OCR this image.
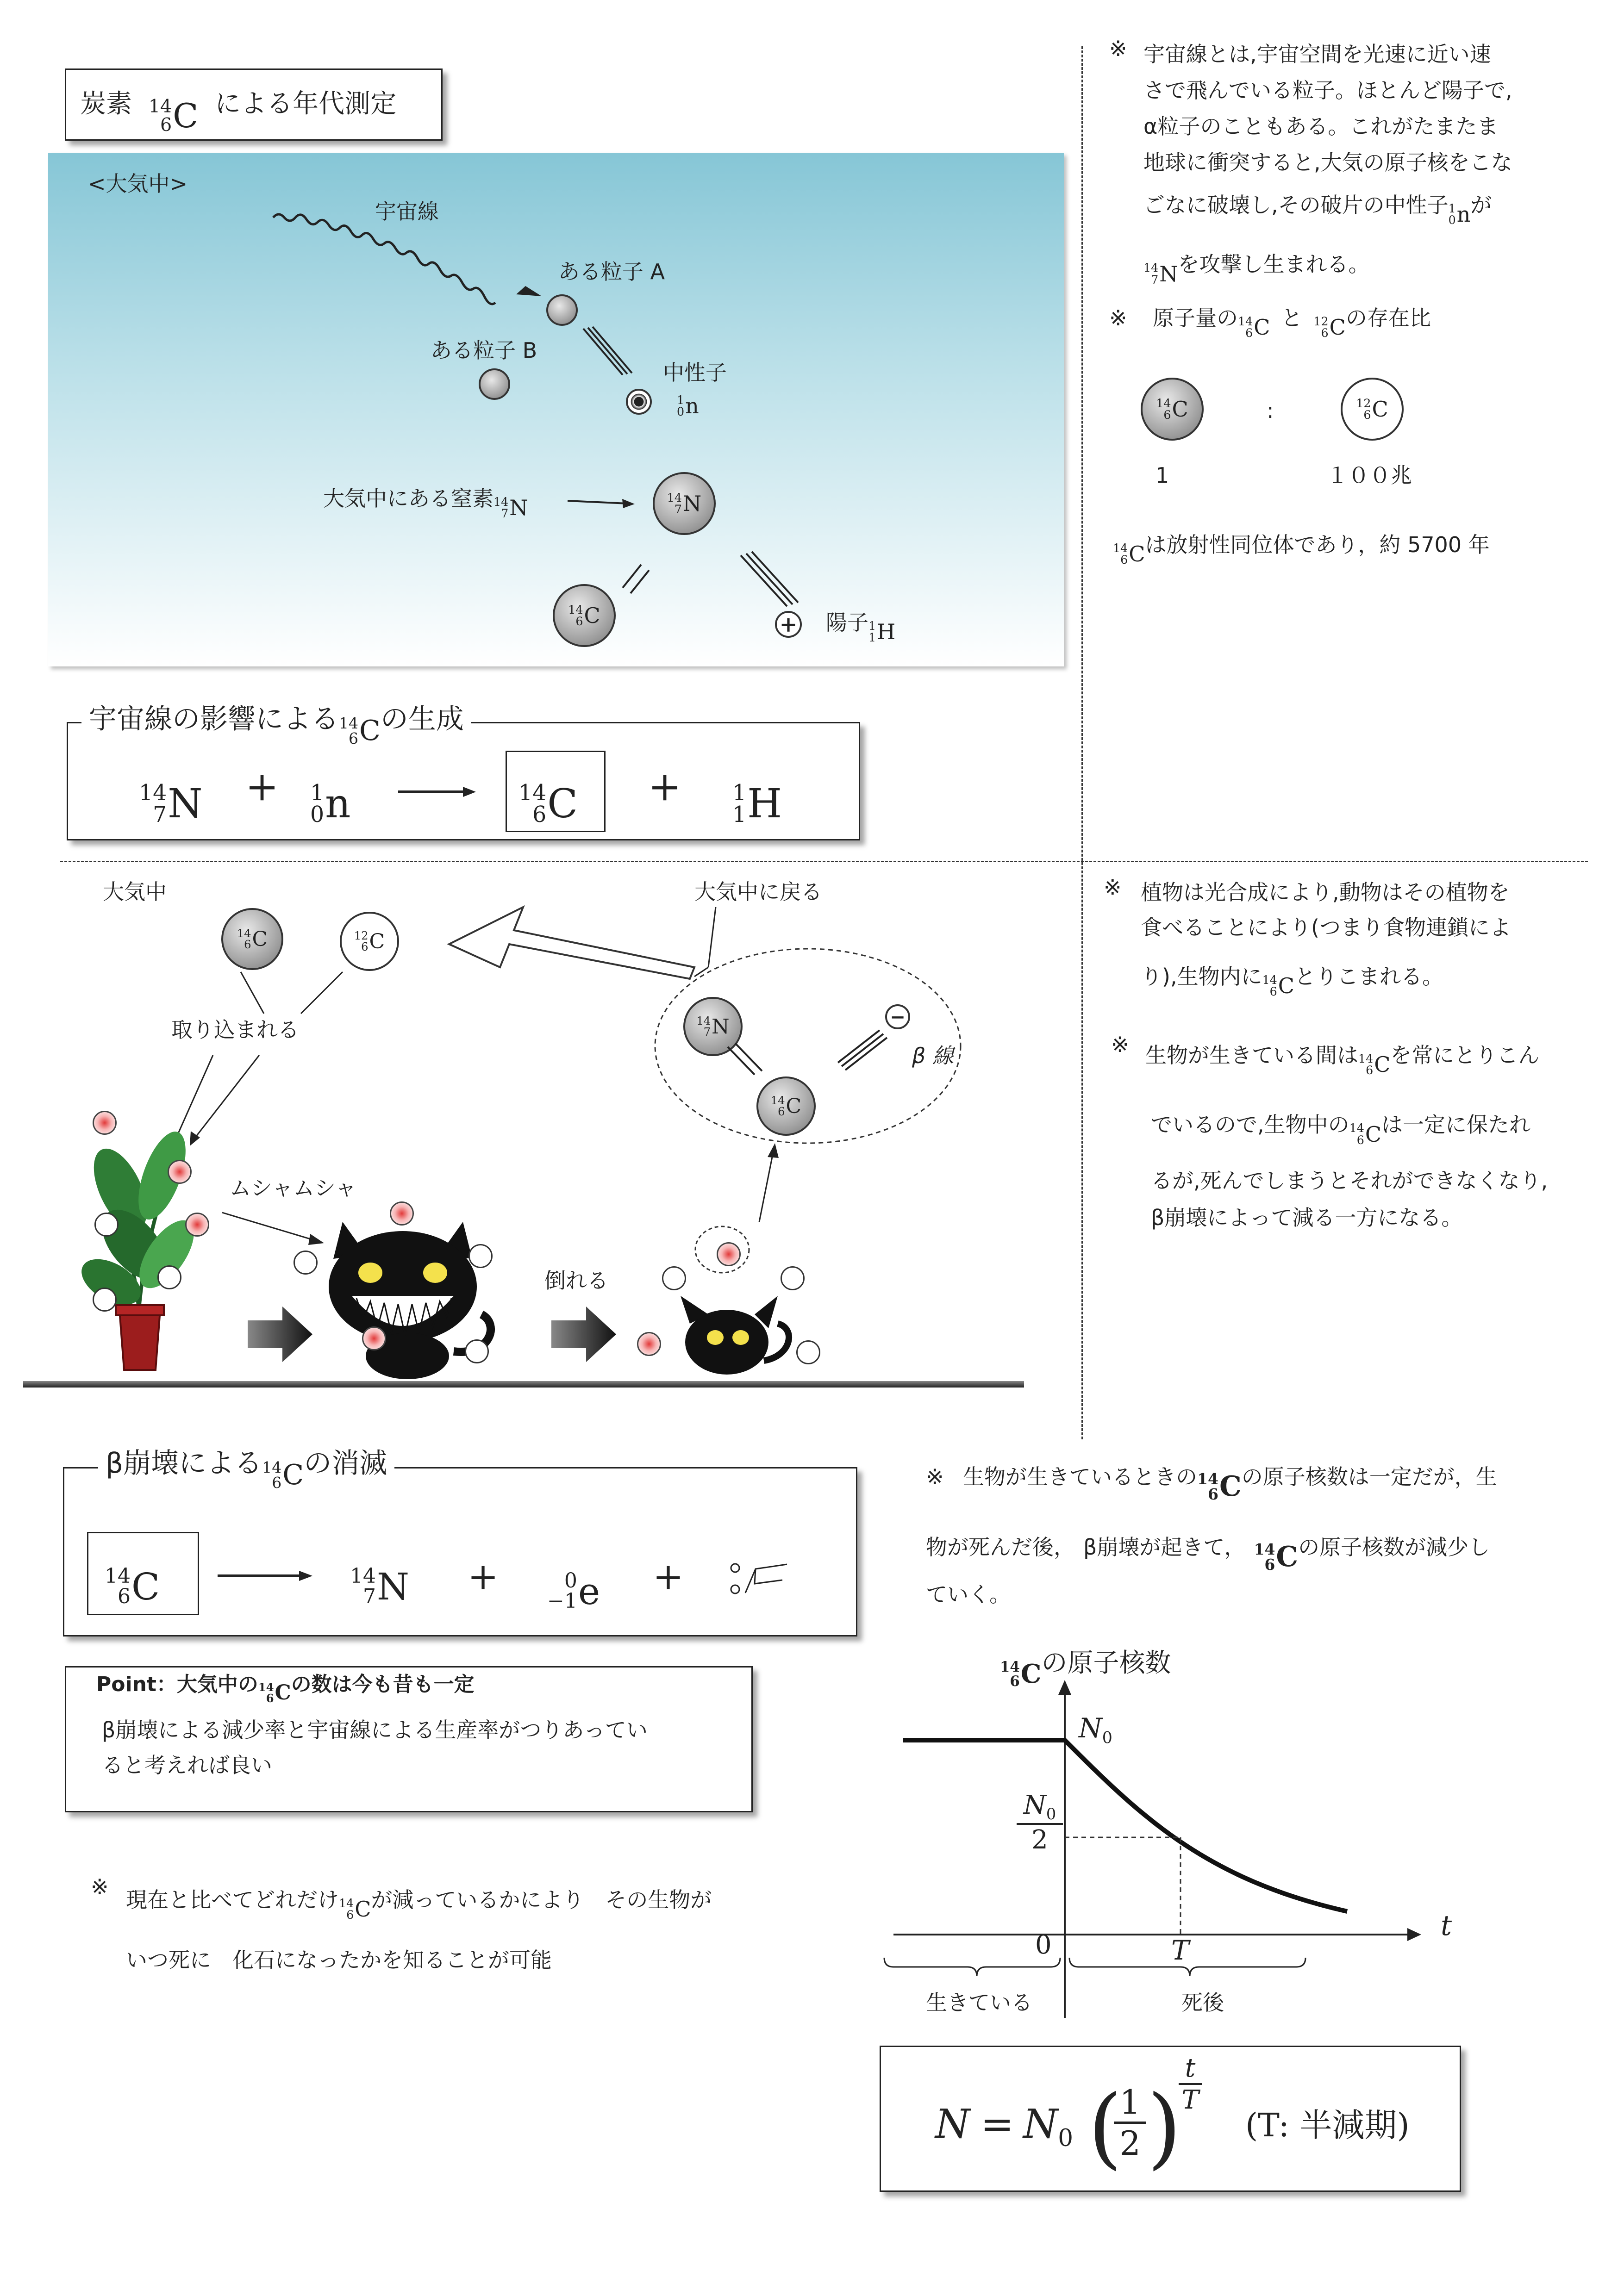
炭素 14
6 C による年代測定
<大気中>
宇宙線
ある粒子 A
ある粒子 B
中性子
1
0 n
大気中にある窒素 14
7 N	14
7 N
14
6 C	+ 陽子 1
1 H
宇宙線の影響による 14
6 C の生成
14
7 N + 1
0 n	14
6 C + 1
1 H
※ 宇宙線とは,宇宙空間を光速に近い速
さで飛んでいる粒子。ほとんど陽子で,
α粒子のこともある。これがたまたま
地球に衝突すると,大気の原子核をこな
ごなに破壊し,その破片の中性子 1
0 n が
14
7 N を攻撃し生まれる。
※ 原子量の 14
6 C と 12
6 C の存在比
14
6 C	:	12
6 C
1	１００兆
14
6 C は放射性同位体であり，約 5700 年
大気中
14
6 C	12
6 C
取り込まれる
大気中に戻る
14
7 N
14
6 C
−
β 線
ムシャムシャ
倒れる
※ 植物は光合成により,動物はその植物を
食べることにより(つまり食物連鎖によ
り),生物内に 14
6 C とりこまれる。
※ 生物が生きている間は 14
6 C を常にとりこん
でいるので,生物中の 14
6 C は一定に保たれ
るが,死んでしまうとそれができなくなり,
β崩壊によって減る一方になる。
β崩壊による 14
6 C の消滅
14
6 C	14
7 N +	0
−1 e +
Point：大気中の 14
6 C の数は今も昔も一定
β崩壊による減少率と宇宙線による生産率がつりあってい
ると考えれば良い
※
現在と比べてどれだけ 14
6 C が減っているかにより　その生物が
いつ死に　化石になったかを知ることが可能
※ 生物が生きているときの 14
6 C の原子核数は一定だが，生
物が死んだ後， β崩壊が起きて， 14
6 C の原子核数が減少し
ていく。
14
6 C の原子核数
$N_0$
$N_0$
2
0
t
T
生きている	死後
$N = N_0$ (
1
2 )
t
T
(T: 半減期)
